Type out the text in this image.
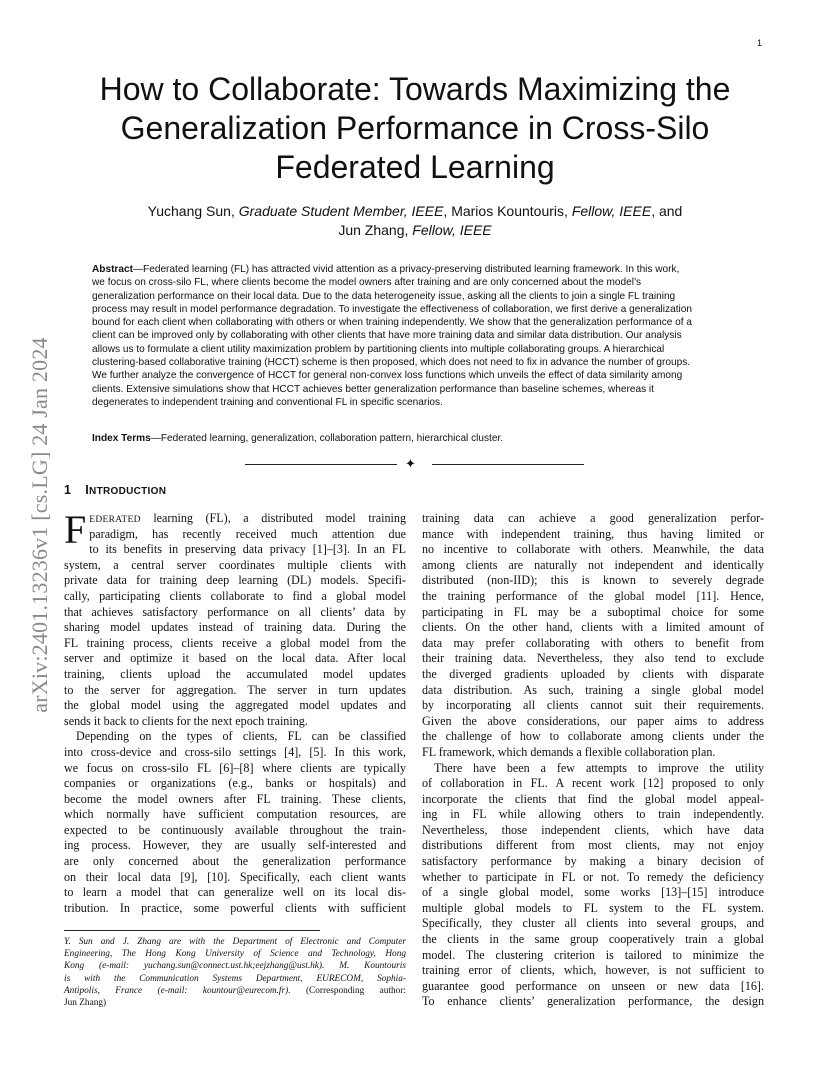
1
arXiv:2401.13236v1 [cs.LG] 24 Jan 2024
How to Collaborate: Towards Maximizing the
Generalization Performance in Cross-Silo
Federated Learning
Yuchang Sun, Graduate Student Member, IEEE, Marios Kountouris, Fellow, IEEE, and
Jun Zhang, Fellow, IEEE
Abstract—Federated learning (FL) has attracted vivid attention as a privacy-preserving distributed learning framework. In this work,
we focus on cross-silo FL, where clients become the model owners after training and are only concerned about the model’s
generalization performance on their local data. Due to the data heterogeneity issue, asking all the clients to join a single FL training
process may result in model performance degradation. To investigate the effectiveness of collaboration, we first derive a generalization
bound for each client when collaborating with others or when training independently. We show that the generalization performance of a
client can be improved only by collaborating with other clients that have more training data and similar data distribution. Our analysis
allows us to formulate a client utility maximization problem by partitioning clients into multiple collaborating groups. A hierarchical
clustering-based collaborative training (HCCT) scheme is then proposed, which does not need to fix in advance the number of groups.
We further analyze the convergence of HCCT for general non-convex loss functions which unveils the effect of data similarity among
clients. Extensive simulations show that HCCT achieves better generalization performance than baseline schemes, whereas it
degenerates to independent training and conventional FL in specific scenarios.
Index Terms—Federated learning, generalization, collaboration pattern, hierarchical cluster.
✦
1 INTRODUCTION
F EDERATED learning (FL), a distributed model training
paradigm, has recently received much attention due
to its benefits in preserving data privacy [1]–[3]. In an FL
system, a central server coordinates multiple clients with
private data for training deep learning (DL) models. Specifi-
cally, participating clients collaborate to find a global model
that achieves satisfactory performance on all clients’ data by
sharing model updates instead of training data. During the
FL training process, clients receive a global model from the
server and optimize it based on the local data. After local
training, clients upload the accumulated model updates
to the server for aggregation. The server in turn updates
the global model using the aggregated model updates and
sends it back to clients for the next epoch training.
Depending on the types of clients, FL can be classified
into cross-device and cross-silo settings [4], [5]. In this work,
we focus on cross-silo FL [6]–[8] where clients are typically
companies or organizations (e.g., banks or hospitals) and
become the model owners after FL training. These clients,
which normally have sufficient computation resources, are
expected to be continuously available throughout the train-
ing process. However, they are usually self-interested and
are only concerned about the generalization performance
on their local data [9], [10]. Specifically, each client wants
to learn a model that can generalize well on its local dis-
tribution. In practice, some powerful clients with sufficient
Y. Sun and J. Zhang are with the Department of Electronic and Computer
Engineering, The Hong Kong University of Science and Technology, Hong
Kong (e-mail: yuchang.sun@connect.ust.hk;eejzhang@ust.hk). M. Kountouris
is with the Communication Systems Department, EURECOM, Sophia-
Antipolis, France (e-mail: kountour@eurecom.fr). (Corresponding author:
Jun Zhang)
training data can achieve a good generalization perfor-
mance with independent training, thus having limited or
no incentive to collaborate with others. Meanwhile, the data
among clients are naturally not independent and identically
distributed (non-IID); this is known to severely degrade
the training performance of the global model [11]. Hence,
participating in FL may be a suboptimal choice for some
clients. On the other hand, clients with a limited amount of
data may prefer collaborating with others to benefit from
their training data. Nevertheless, they also tend to exclude
the diverged gradients uploaded by clients with disparate
data distribution. As such, training a single global model
by incorporating all clients cannot suit their requirements.
Given the above considerations, our paper aims to address
the challenge of how to collaborate among clients under the
FL framework, which demands a flexible collaboration plan.
There have been a few attempts to improve the utility
of collaboration in FL. A recent work [12] proposed to only
incorporate the clients that find the global model appeal-
ing in FL while allowing others to train independently.
Nevertheless, those independent clients, which have data
distributions different from most clients, may not enjoy
satisfactory performance by making a binary decision of
whether to participate in FL or not. To remedy the deficiency
of a single global model, some works [13]–[15] introduce
multiple global models to FL system to the FL system.
Specifically, they cluster all clients into several groups, and
the clients in the same group cooperatively train a global
model. The clustering criterion is tailored to minimize the
training error of clients, which, however, is not sufficient to
guarantee good performance on unseen or new data [16].
To enhance clients’ generalization performance, the design
